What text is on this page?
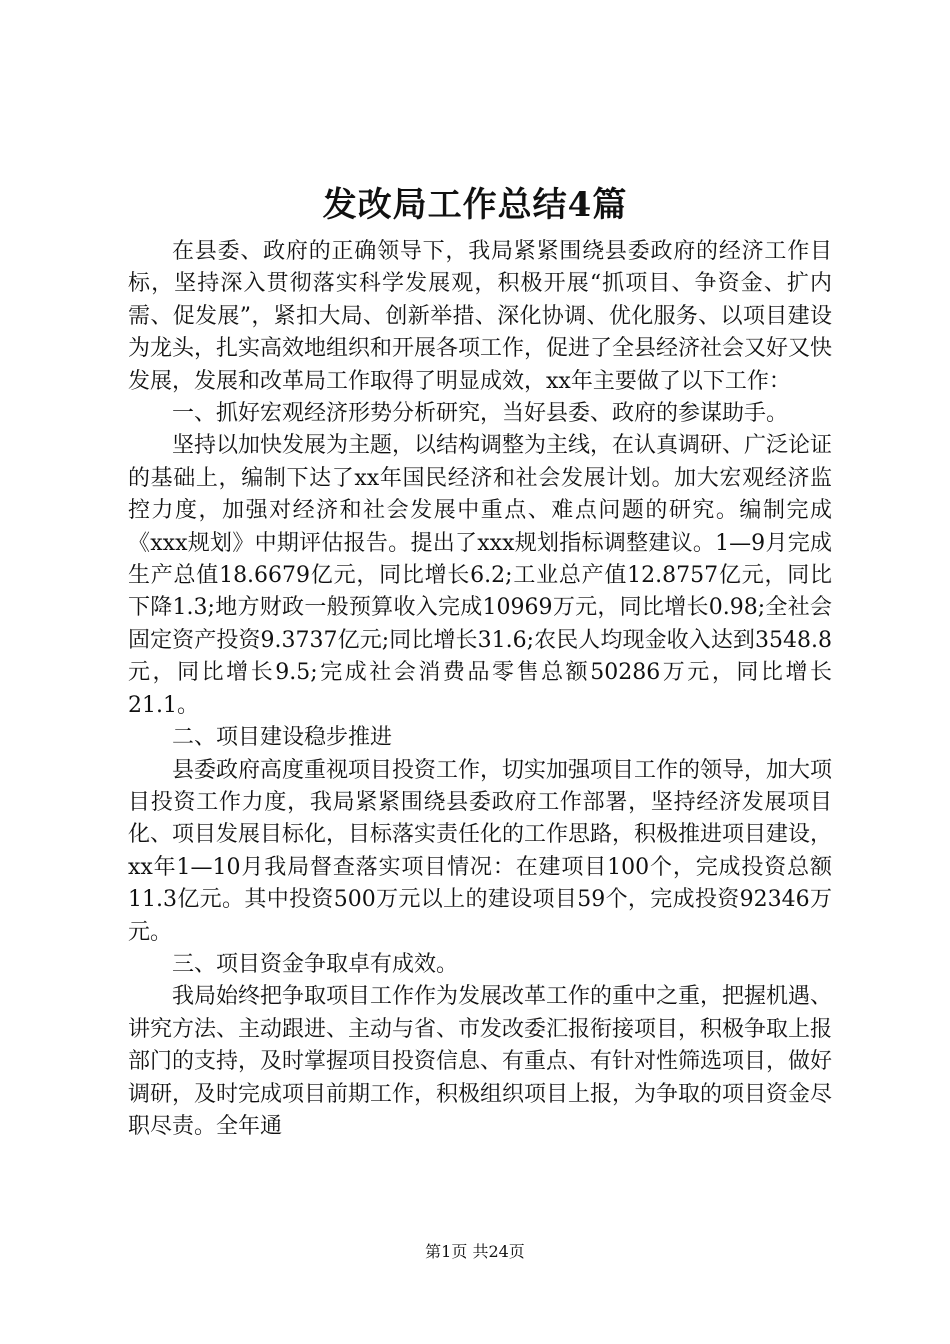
发改局工作总结4篇

在县委、政府的正确领导下，我局紧紧围绕县委政府的经济工作目标，坚持深入贯彻落实科学发展观，积极开展“抓项目、争资金、扩内需、促发展”，紧扣大局、创新举措、深化协调、优化服务、以项目建设为龙头，扎实高效地组织和开展各项工作，促进了全县经济社会又好又快发展，发展和改革局工作取得了明显成效，xx年主要做了以下工作：

一、抓好宏观经济形势分析研究，当好县委、政府的参谋助手。

坚持以加快发展为主题，以结构调整为主线，在认真调研、广泛论证的基础上，编制下达了xx年国民经济和社会发展计划。加大宏观经济监控力度，加强对经济和社会发展中重点、难点问题的研究。编制完成《xxx规划》中期评估报告。提出了xxx规划指标调整建议。1—9月完成生产总值18.6679亿元，同比增长6.2;工业总产值12.8757亿元，同比下降1.3;地方财政一般预算收入完成10969万元，同比增长0.98;全社会固定资产投资9.3737亿元;同比增长31.6;农民人均现金收入达到3548.8元，同比增长9.5;完成社会消费品零售总额50286万元，同比增长21.1。

二、项目建设稳步推进

县委政府高度重视项目投资工作，切实加强项目工作的领导，加大项目投资工作力度，我局紧紧围绕县委政府工作部署，坚持经济发展项目化、项目发展目标化，目标落实责任化的工作思路，积极推进项目建设，xx年1—10月我局督查落实项目情况：在建项目100个，完成投资总额11.3亿元。其中投资500万元以上的建设项目59个，完成投资92346万元。

三、项目资金争取卓有成效。

我局始终把争取项目工作作为发展改革工作的重中之重，把握机遇、讲究方法、主动跟进、主动与省、市发改委汇报衔接项目，积极争取上报部门的支持，及时掌握项目投资信息、有重点、有针对性筛选项目，做好调研，及时完成项目前期工作，积极组织项目上报，为争取的项目资金尽职尽责。全年通

第1页 共24页
